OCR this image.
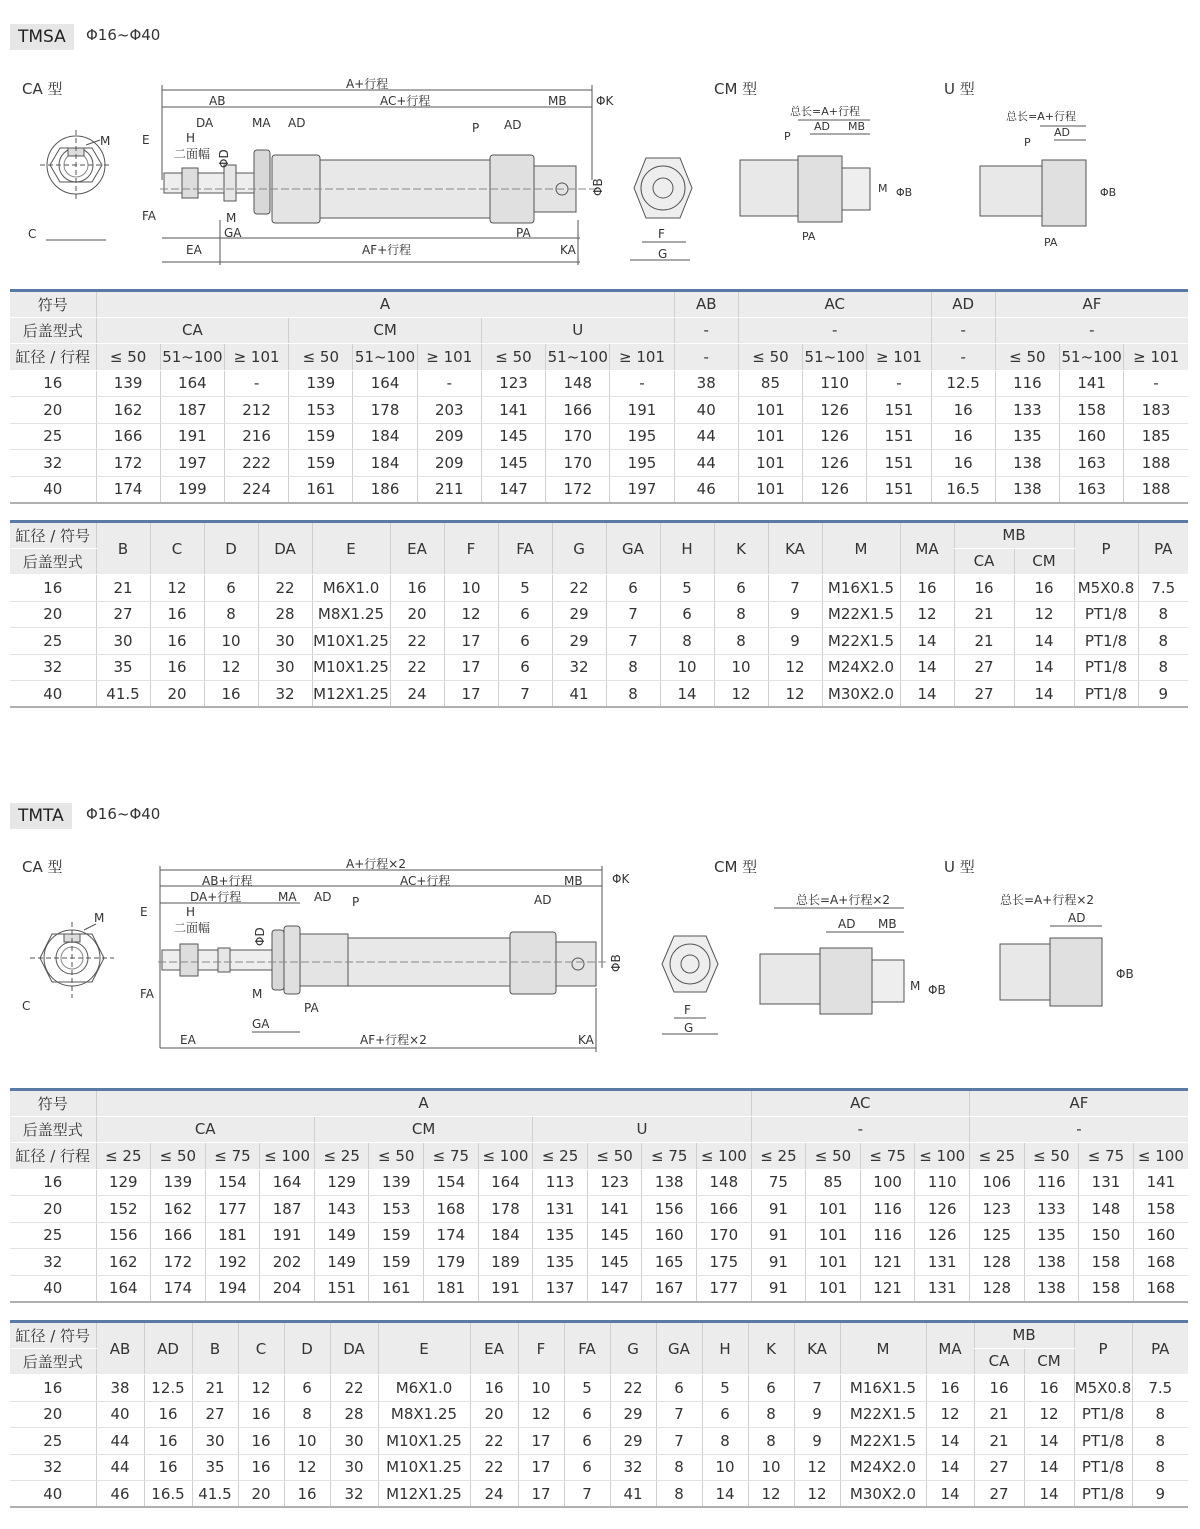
TMSA	Φ16~Φ40
CA 型	CM 型	U 型
M
C
A+行程
AB	AC+行程	MB ΦK
DA	MA AD	P AD
E	H
二面幅 ΦD
ΦB
FA	M
GA	PA
KA
EA	AF+行程
F
G
总长=A+行程
AD MB
P
PA
M ΦB
总长=A+行程
AD
P
PA
ΦB
符号	A									AB	AC			AD	AF		
后盖型式	CA			CM			U			-	-			-	-		
缸径 / 行程	≤ 50	51~100	≥ 101	≤ 50	51~100	≥ 101	≤ 50	51~100	≥ 101	-	≤ 50	51~100	≥ 101	-	≤ 50	51~100	≥ 101
16	139	164	-	139	164	-	123	148	-	38	85	110	-	12.5	116	141	-
20	162	187	212	153	178	203	141	166	191	40	101	126	151	16	133	158	183
25	166	191	216	159	184	209	145	170	195	44	101	126	151	16	135	160	185
32	172	197	222	159	184	209	145	170	195	44	101	126	151	16	138	163	188
40	174	199	224	161	186	211	147	172	197	46	101	126	151	16.5	138	163	188
缸径 / 符号	B	C	D	DA	E	EA	F	FA	G	GA	H	K	KA	M	MA	MB		P	PA
后盖型式																CA	CM		
16	21	12	6	22	M6X1.0	16	10	5	22	6	5	6	7	M16X1.5	16	16	16	M5X0.8	7.5
20	27	16	8	28	M8X1.25	20	12	6	29	7	6	8	9	M22X1.5	12	21	12	PT1/8	8
25	30	16	10	30	M10X1.25	22	17	6	29	7	8	8	9	M22X1.5	14	21	14	PT1/8	8
32	35	16	12	30	M10X1.25	22	17	6	32	8	10	10	12	M24X2.0	14	27	14	PT1/8	8
40	41.5	20	16	32	M12X1.25	24	17	7	41	8	14	12	12	M30X2.0	14	27	14	PT1/8	9
TMTA	Φ16~Φ40
CA 型	CM 型	U 型
M
C
A+行程×2
AB+行程	AC+行程	MB ΦK
DA+行程	MA AD P	AD
E	H
二面幅	ΦD
ΦB
FA	M
PA
GA
EA	AF+行程×2	KA
F
G
总长=A+行程×2
AD MB
M ΦB
总长=A+行程×2
AD
ΦB
符号	A												AC				AF			
后盖型式	CA				CM				U				-				-			
缸径 / 行程	≤ 25	≤ 50	≤ 75	≤ 100	≤ 25	≤ 50	≤ 75	≤ 100	≤ 25	≤ 50	≤ 75	≤ 100	≤ 25	≤ 50	≤ 75	≤ 100	≤ 25	≤ 50	≤ 75	≤ 100
16	129	139	154	164	129	139	154	164	113	123	138	148	75	85	100	110	106	116	131	141
20	152	162	177	187	143	153	168	178	131	141	156	166	91	101	116	126	123	133	148	158
25	156	166	181	191	149	159	174	184	135	145	160	170	91	101	116	126	125	135	150	160
32	162	172	192	202	149	159	179	189	135	145	165	175	91	101	121	131	128	138	158	168
40	164	174	194	204	151	161	181	191	137	147	167	177	91	101	121	131	128	138	158	168
缸径 / 符号	AB	AD	B	C	D	DA	E	EA	F	FA	G	GA	H	K	KA	M	MA	MB		P	PA
后盖型式																		CA	CM		
16	38	12.5	21	12	6	22	M6X1.0	16	10	5	22	6	5	6	7	M16X1.5	16	16	16	M5X0.8	7.5
20	40	16	27	16	8	28	M8X1.25	20	12	6	29	7	6	8	9	M22X1.5	12	21	12	PT1/8	8
25	44	16	30	16	10	30	M10X1.25	22	17	6	29	7	8	8	9	M22X1.5	14	21	14	PT1/8	8
32	44	16	35	16	12	30	M10X1.25	22	17	6	32	8	10	10	12	M24X2.0	14	27	14	PT1/8	8
40	46	16.5	41.5	20	16	32	M12X1.25	24	17	7	41	8	14	12	12	M30X2.0	14	27	14	PT1/8	9
